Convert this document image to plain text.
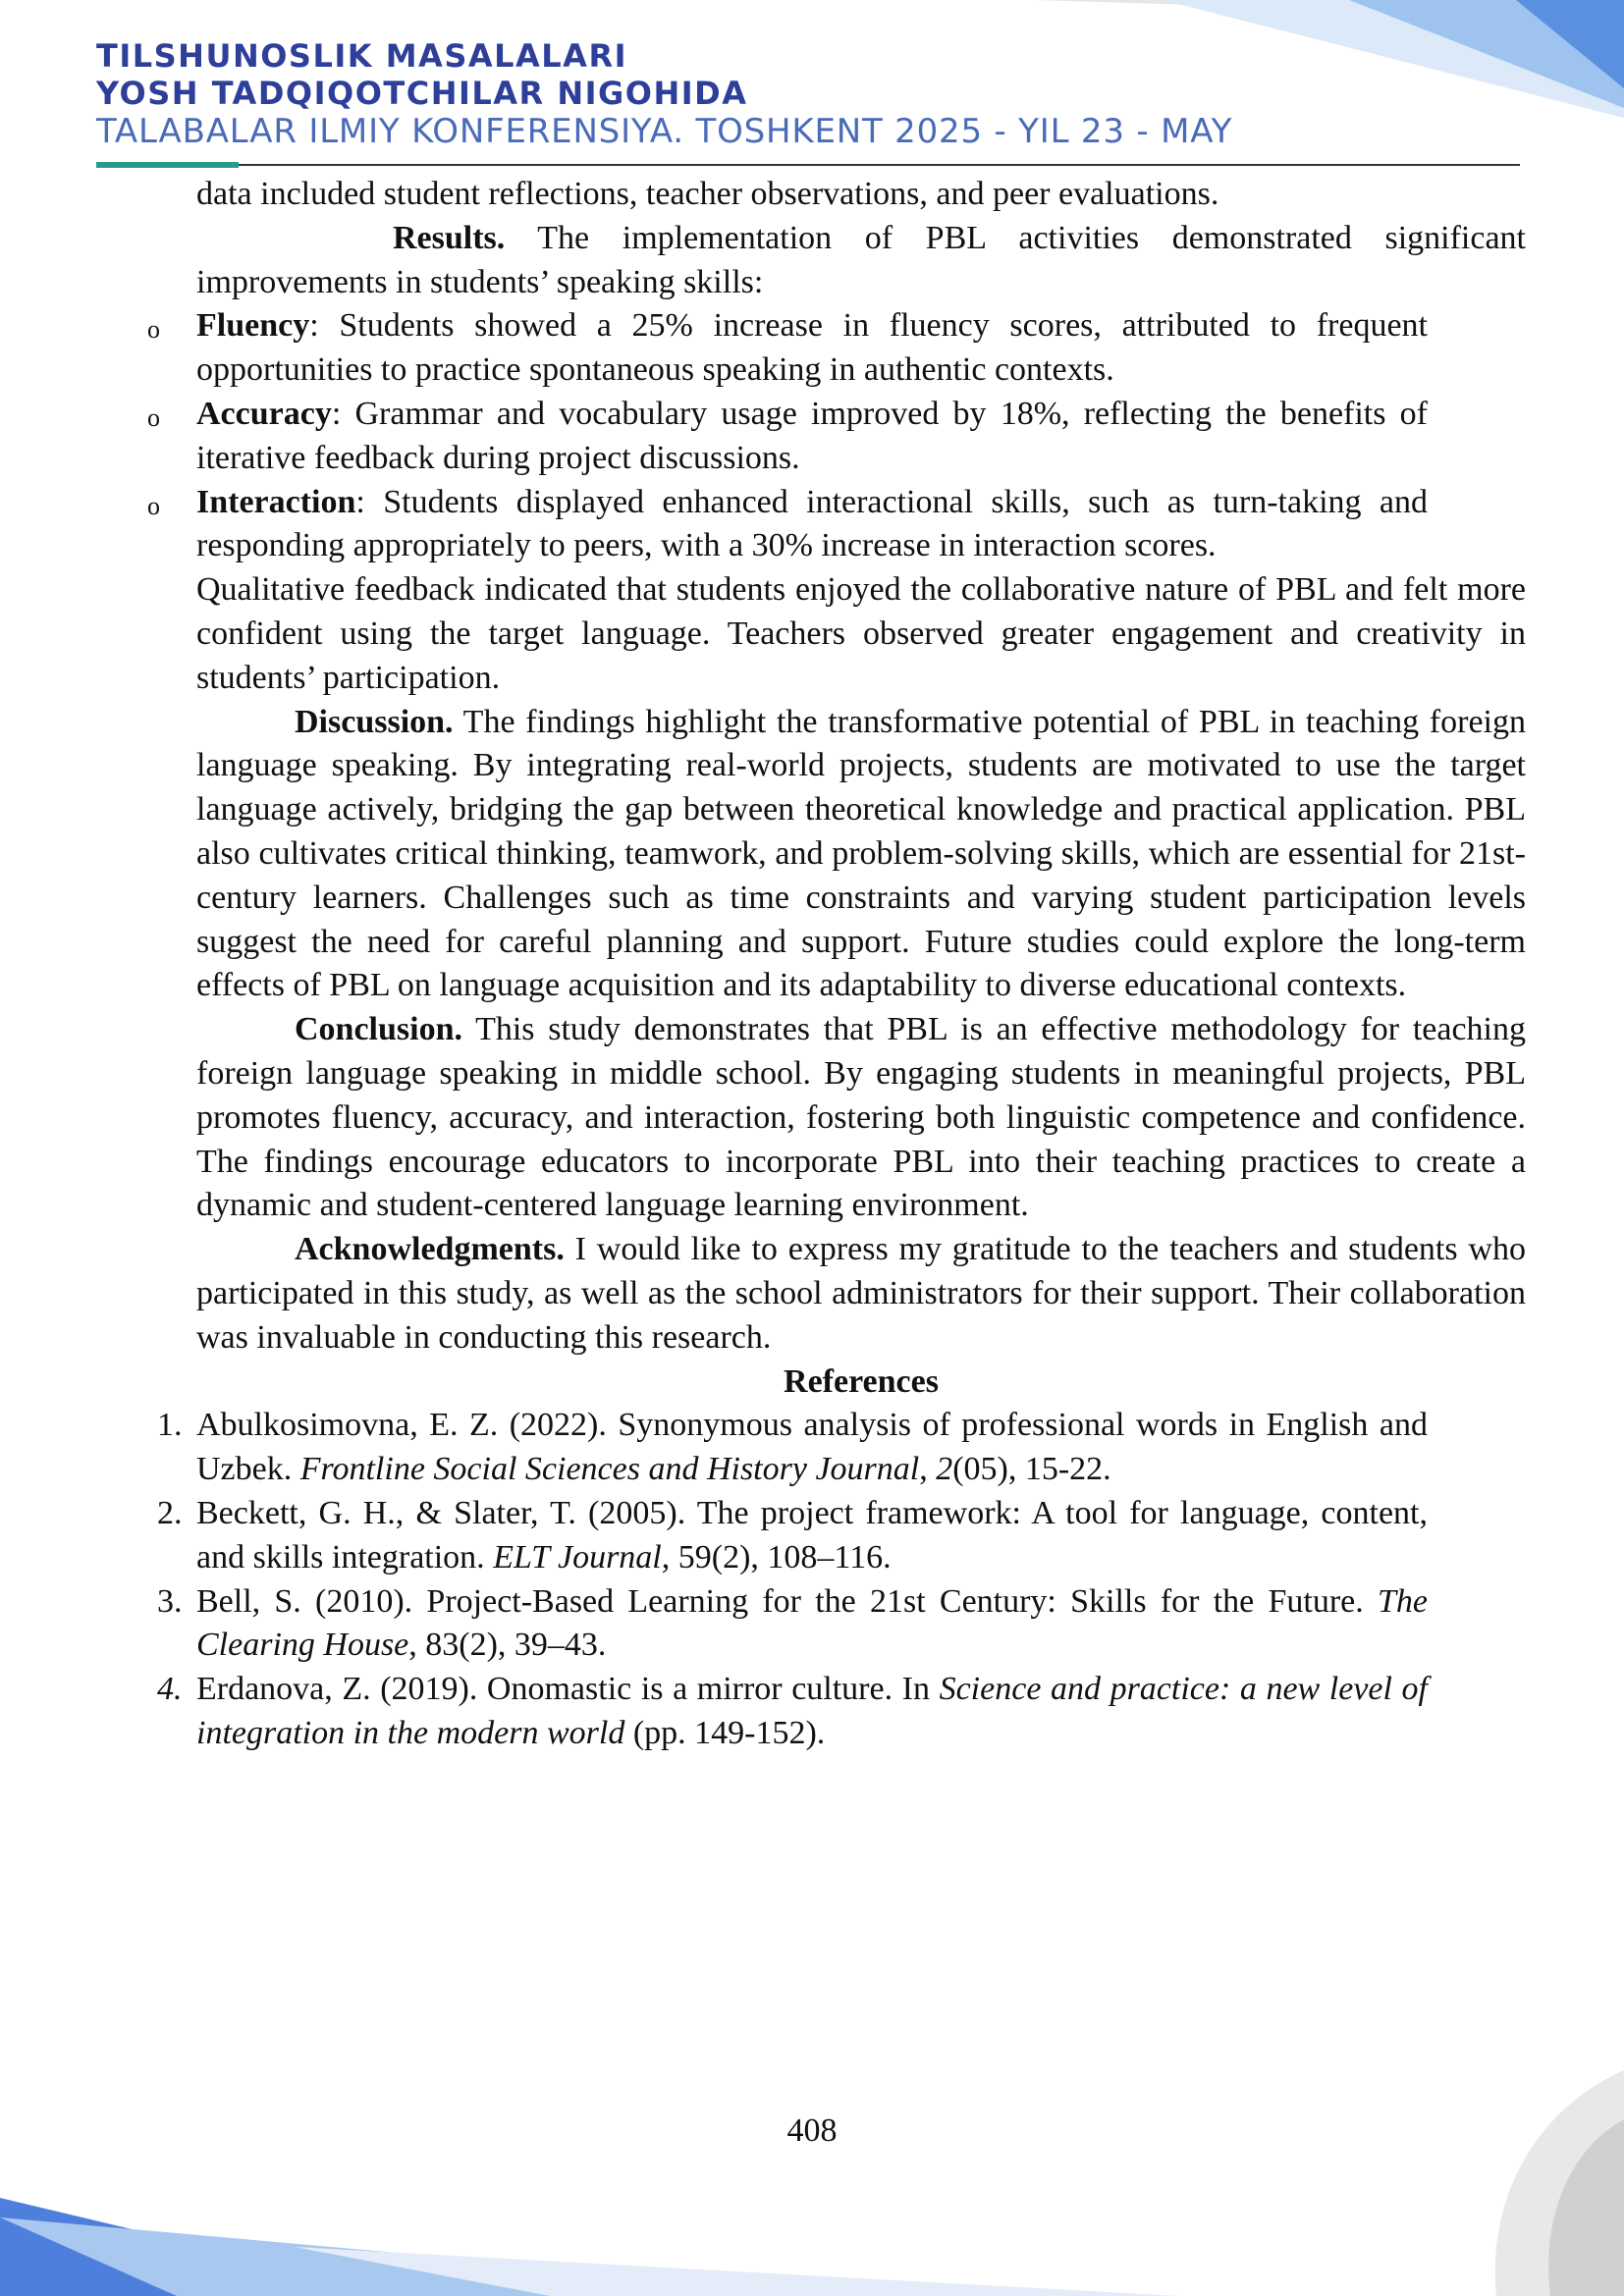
TILSHUNOSLIK MASALALARI
YOSH TADQIQOTCHILAR NIGOHIDA
TALABALAR ILMIY KONFERENSIYA. TOSHKENT 2025 - YIL 23 - MAY

data included student reflections, teacher observations, and peer evaluations.

Results. The implementation of PBL activities demonstrated significant improvements in students’ speaking skills:

o Fluency: Students showed a 25% increase in fluency scores, attributed to frequent opportunities to practice spontaneous speaking in authentic contexts.

o Accuracy: Grammar and vocabulary usage improved by 18%, reflecting the benefits of iterative feedback during project discussions.

o Interaction: Students displayed enhanced interactional skills, such as turn-taking and responding appropriately to peers, with a 30% increase in interaction scores.

Qualitative feedback indicated that students enjoyed the collaborative nature of PBL and felt more confident using the target language. Teachers observed greater engagement and creativity in students’ participation.

Discussion. The findings highlight the transformative potential of PBL in teaching foreign language speaking. By integrating real-world projects, students are motivated to use the target language actively, bridging the gap between theoretical knowledge and practical application. PBL also cultivates critical thinking, teamwork, and problem-solving skills, which are essential for 21st-century learners. Challenges such as time constraints and varying student participation levels suggest the need for careful planning and support. Future studies could explore the long-term effects of PBL on language acquisition and its adaptability to diverse educational contexts.

Conclusion. This study demonstrates that PBL is an effective methodology for teaching foreign language speaking in middle school. By engaging students in meaningful projects, PBL promotes fluency, accuracy, and interaction, fostering both linguistic competence and confidence. The findings encourage educators to incorporate PBL into their teaching practices to create a dynamic and student-centered language learning environment.

Acknowledgments. I would like to express my gratitude to the teachers and students who participated in this study, as well as the school administrators for their support. Their collaboration was invaluable in conducting this research.

References

1. Abulkosimovna, E. Z. (2022). Synonymous analysis of professional words in English and Uzbek. Frontline Social Sciences and History Journal, 2(05), 15-22.

2. Beckett, G. H., & Slater, T. (2005). The project framework: A tool for language, content, and skills integration. ELT Journal, 59(2), 108–116.

3. Bell, S. (2010). Project-Based Learning for the 21st Century: Skills for the Future. The Clearing House, 83(2), 39–43.

4. Erdanova, Z. (2019). Onomastic is a mirror culture. In Science and practice: a new level of integration in the modern world (pp. 149-152).

408
